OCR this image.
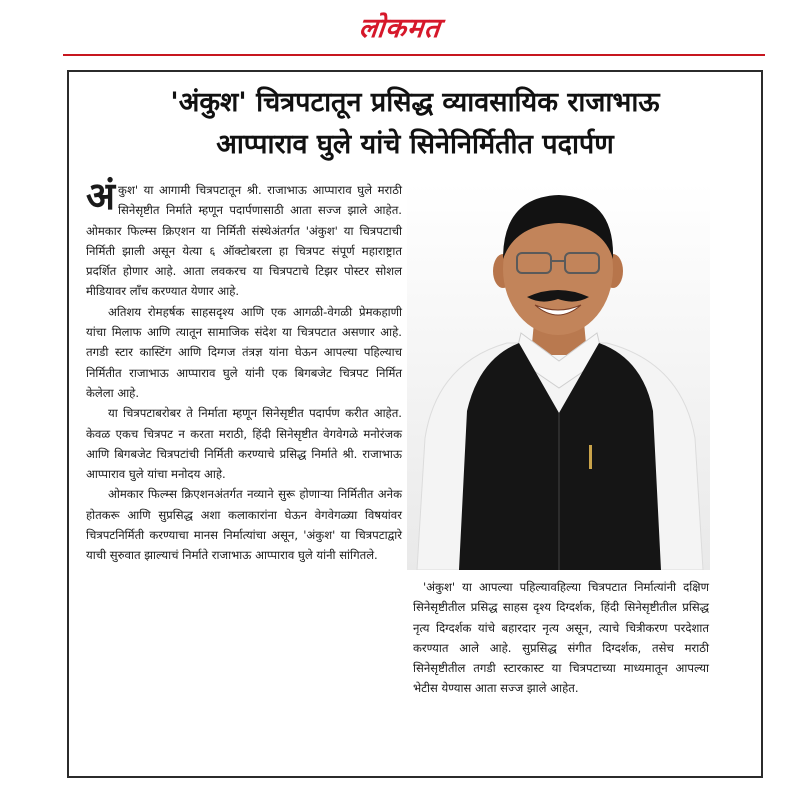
लोकमत
'अंकुश' चित्रपटातून प्रसिद्ध व्यावसायिक राजाभाऊ
आप्पाराव घुले यांचे सिनेनिर्मितीत पदार्पण

अंकुश' या आगामी चित्रपटातून श्री. राजाभाऊ आप्पाराव घुले मराठी सिनेसृष्टीत निर्माते म्हणून पदार्पणासाठी आता सज्ज झाले आहेत. ओमकार फिल्म्स क्रिएशन या निर्मिती संस्थेअंतर्गत 'अंकुश' या चित्रपटाची निर्मिती झाली असून येत्या ६ ऑक्टोबरला हा चित्रपट संपूर्ण महाराष्ट्रात प्रदर्शित होणार आहे. आता लवकरच या चित्रपटाचे टिझर पोस्टर सोशल मीडियावर लॉंच करण्यात येणार आहे.

अतिशय रोमहर्षक साहसदृश्य आणि एक आगळी-वेगळी प्रेमकहाणी यांचा मिलाफ आणि त्यातून सामाजिक संदेश या चित्रपटात असणार आहे. तगडी स्टार कास्टिंग आणि दिग्गज तंत्रज्ञ यांना घेऊन आपल्या पहिल्याच निर्मितीत राजाभाऊ आप्पाराव घुले यांनी एक बिगबजेट चित्रपट निर्मित केलेला आहे.

या चित्रपटाबरोबर ते निर्माता म्हणून सिनेसृष्टीत पदार्पण करीत आहेत. केवळ एकच चित्रपट न करता मराठी, हिंदी सिनेसृष्टीत वेगवेगळे मनोरंजक आणि बिगबजेट चित्रपटांची निर्मिती करण्याचे प्रसिद्ध निर्माते श्री. राजाभाऊ आप्पाराव घुले यांचा मनोदय आहे.

ओमकार फिल्म्स क्रिएशनअंतर्गत नव्याने सुरू होणाऱ्या निर्मितीत अनेक होतकरू आणि सुप्रसिद्ध अशा कलाकारांना घेऊन वेगवेगळ्या विषयांवर चित्रपटनिर्मिती करण्याचा मानस निर्मात्यांचा असून, 'अंकुश' या चित्रपटाद्वारे याची सुरुवात झाल्याचं निर्माते राजाभाऊ आप्पाराव घुले यांनी सांगितले.

'अंकुश' या आपल्या पहिल्यावहिल्या चित्रपटात निर्मात्यांनी दक्षिण सिनेसृष्टीतील प्रसिद्ध साहस दृश्य दिग्दर्शक, हिंदी सिनेसृष्टीतील प्रसिद्ध नृत्य दिग्दर्शक यांचे बहारदार नृत्य असून, त्याचे चित्रीकरण परदेशात करण्यात आले आहे. सुप्रसिद्ध संगीत दिग्दर्शक, तसेच मराठी सिनेसृष्टीतील तगडी स्टारकास्ट या चित्रपटाच्या माध्यमातून आपल्या भेटीस येण्यास आता सज्ज झाले आहेत.
